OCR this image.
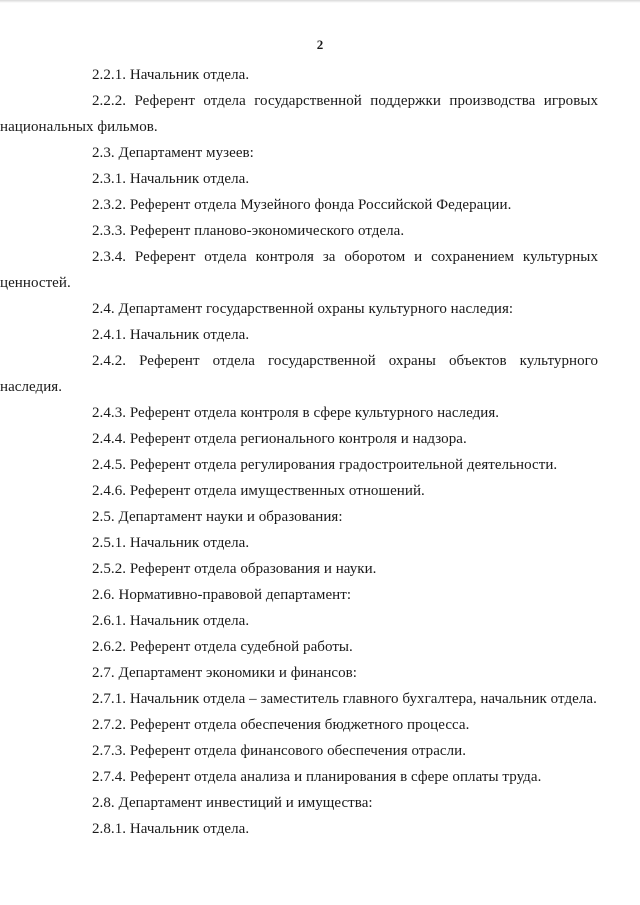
2
2.2.1. Начальник отдела.
2.2.2. Референт отдела государственной поддержки производства игровых
национальных фильмов.
2.3. Департамент музеев:
2.3.1. Начальник отдела.
2.3.2. Референт отдела Музейного фонда Российской Федерации.
2.3.3. Референт планово-экономического отдела.
2.3.4. Референт отдела контроля за оборотом и сохранением культурных
ценностей.
2.4. Департамент государственной охраны культурного наследия:
2.4.1. Начальник отдела.
2.4.2. Референт отдела государственной охраны объектов культурного
наследия.
2.4.3. Референт отдела контроля в сфере культурного наследия.
2.4.4. Референт отдела регионального контроля и надзора.
2.4.5. Референт отдела регулирования градостроительной деятельности.
2.4.6. Референт отдела имущественных отношений.
2.5. Департамент науки и образования:
2.5.1. Начальник отдела.
2.5.2. Референт отдела образования и науки.
2.6. Нормативно-правовой департамент:
2.6.1. Начальник отдела.
2.6.2. Референт отдела судебной работы.
2.7. Департамент экономики и финансов:
2.7.1. Начальник отдела – заместитель главного бухгалтера, начальник отдела.
2.7.2. Референт отдела обеспечения бюджетного процесса.
2.7.3. Референт отдела финансового обеспечения отрасли.
2.7.4. Референт отдела анализа и планирования в сфере оплаты труда.
2.8. Департамент инвестиций и имущества:
2.8.1. Начальник отдела.
